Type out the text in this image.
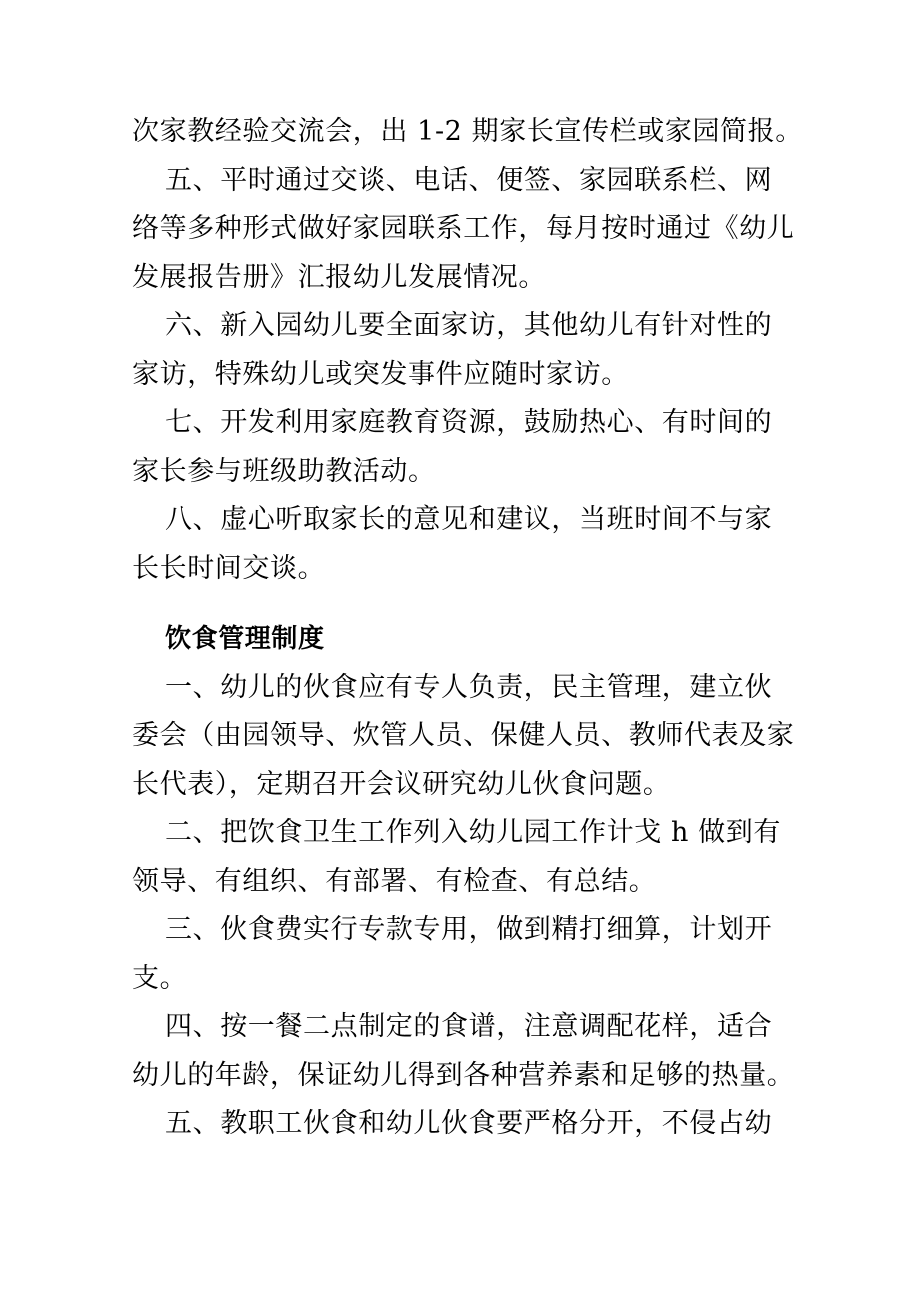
次家教经验交流会，出 1-2 期家长宣传栏或家园简报。
五、平时通过交谈、电话、便签、家园联系栏、网
络等多种形式做好家园联系工作，每月按时通过《幼儿
发展报告册》汇报幼儿发展情况。
六、新入园幼儿要全面家访，其他幼儿有针对性的
家访，特殊幼儿或突发事件应随时家访。
七、开发利用家庭教育资源，鼓励热心、有时间的
家长参与班级助教活动。
八、虚心听取家长的意见和建议，当班时间不与家
长长时间交谈。
饮食管理制度
一、幼儿的伙食应有专人负责，民主管理，建立伙
委会（由园领导、炊管人员、保健人员、教师代表及家
长代表），定期召开会议研究幼儿伙食问题。
二、把饮食卫生工作列入幼儿园工作计戈 h 做到有
领导、有组织、有部署、有检查、有总结。
三、伙食费实行专款专用，做到精打细算，计划开
支。
四、按一餐二点制定的食谱，注意调配花样，适合
幼儿的年龄，保证幼儿得到各种营养素和足够的热量。
五、教职工伙食和幼儿伙食要严格分开，不侵占幼
